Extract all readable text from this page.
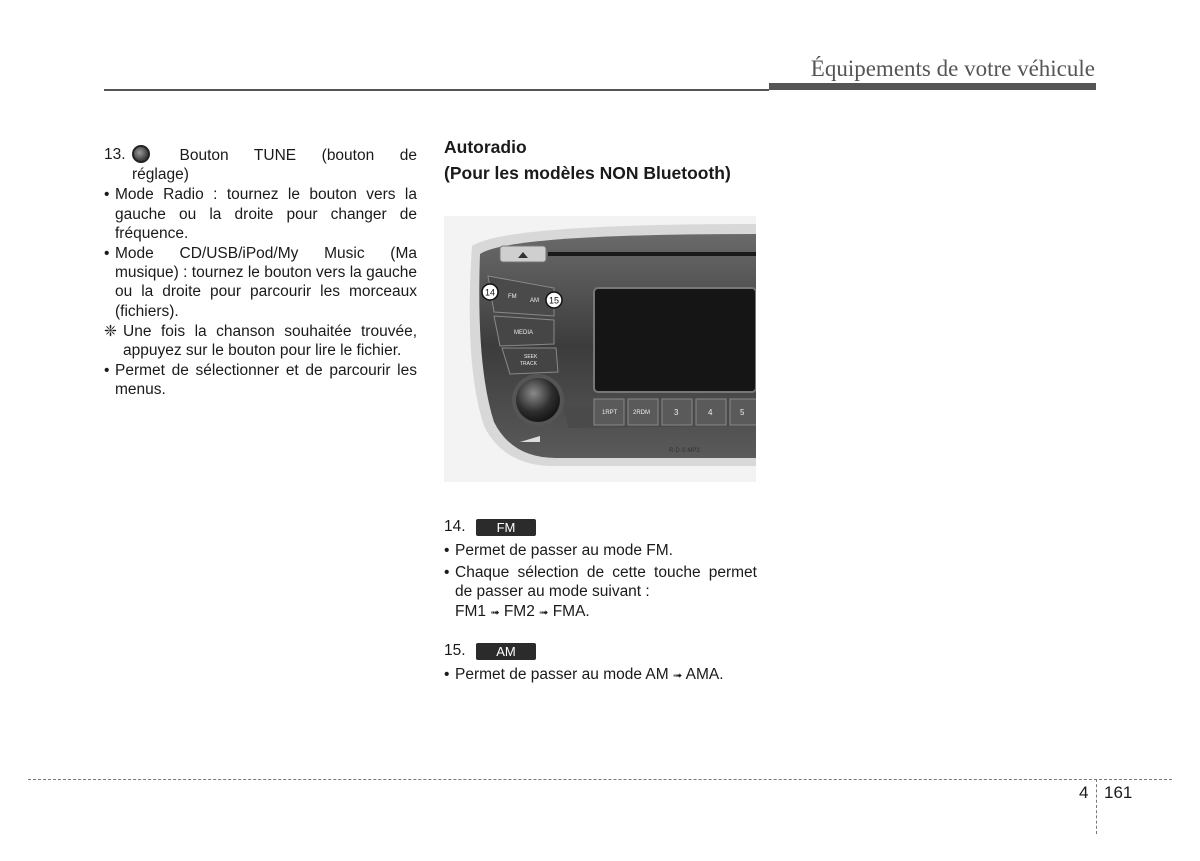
Équipements de votre véhicule
13.	Bouton TUNE (bouton de

réglage)

• Mode Radio : tournez le bouton vers la gauche ou la droite pour changer de fréquence.

• Mode CD/USB/iPod/My Music (Ma musique) : tournez le bouton vers la gauche ou la droite pour parcourir les morceaux (fichiers).

❈ Une fois la chanson souhaitée trouvée, appuyez sur le bouton pour lire le fichier.

• Permet de sélectionner et de parcourir les menus.

Autoradio

(Pour les modèles NON Bluetooth)

14
15
FM
AM
MEDIA
SEEK
TRACK
1RPT	2RDM	3	4	5
R·D·S MP3
14.	FM

• Permet de passer au mode FM.

• Chaque sélection de cette touche permet de passer au mode suivant :
FM1 ➟ FM2 ➟ FMA.

15.	AM

• Permet de passer au mode AM ➟ AMA.

4 161
